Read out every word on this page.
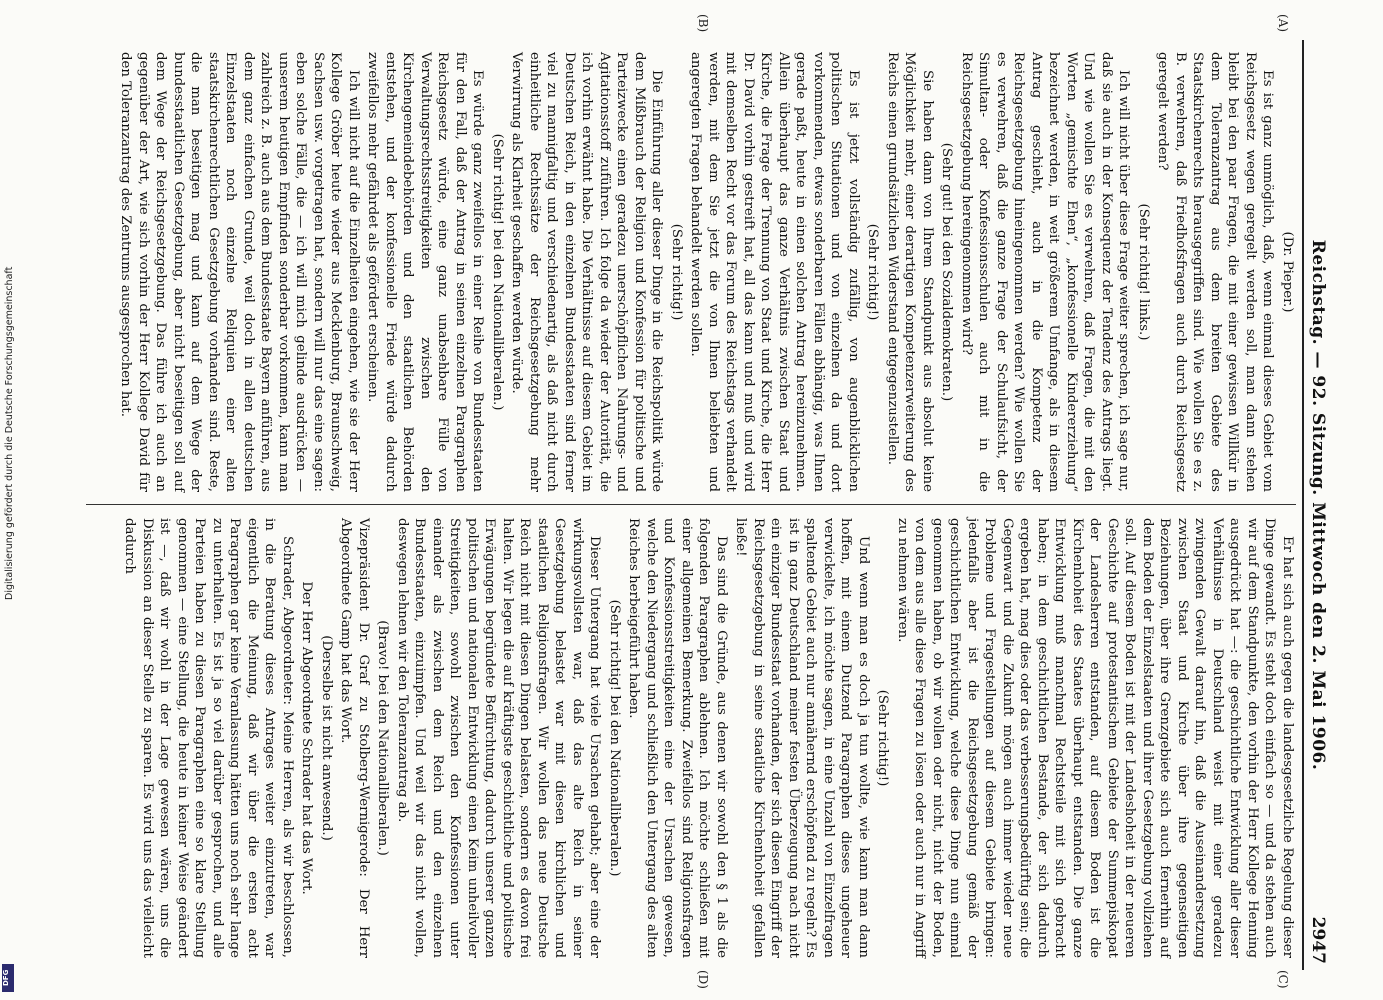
Digitalisierung gefördert durch die Deutsche Forschungsgemeinschaft
DFG
Reichstag. — 92. Sitzung. Mittwoch den 2. Mai 1906.
2947
(A)
(B)
(C)
(D)

(Dr. Pieper.)

Es ist ganz unmöglich, daß, wenn einmal dieses Gebiet vom Reichsgesetz wegen geregelt werden soll, man dann stehen bleibt bei den paar Fragen, die mit einer gewissen Willkür in dem Toleranzantrag aus dem breiten Gebiete des Staatskirchenrechts herausgegriffen sind. Wie wollen Sie es z. B. verwehren, daß Friedhofsfragen auch durch Reichsgesetz geregelt werden?

(Sehr richtig! links.)

Ich will nicht über diese Frage weiter sprechen, ich sage nur, daß sie auch in der Konsequenz der Tendenz des Antrags liegt. Und wie wollen Sie es verwehren, daß Fragen, die mit den Worten „gemischte Ehen“, „konfessionelle Kindererziehung“ bezeichnet werden, in weit größerem Umfange, als in diesem Antrag geschieht, auch in die Kompetenz der Reichsgesetzgebung hineingenommen werden? Wie wollen Sie es verwehren, daß die ganze Frage der Schulaufsicht, der Simultan- oder Konfessionsschulen auch mit in die Reichsgesetzgebung hereingenommen wird?

(Sehr gut! bei den Sozialdemokraten.)

Sie haben dann von Ihrem Standpunkt aus absolut keine Möglichkeit mehr, einer derartigen Kompetenzerweiterung des Reichs einen grundsätzlichen Widerstand entgegenzustellen.

(Sehr richtig!)

Es ist jetzt vollständig zufällig, von augenblicklichen politischen Situationen und von einzelnen da und dort vorkommenden, etwas sonderbaren Fällen abhängig, was Ihnen gerade paßt, heute in einen solchen Antrag hereinzunehmen. Allein überhaupt das ganze Verhältnis zwischen Staat und Kirche, die Frage der Trennung von Staat und Kirche, die Herr Dr. David vorhin gestreift hat, all das kann und muß und wird mit demselben Recht vor das Forum des Reichstags verhandelt werden, mit dem Sie jetzt die von Ihnen beliebten und angeregten Fragen behandelt werden sollen.

(Sehr richtig!)

Die Einführung aller dieser Dinge in die Reichspolitik würde dem Mißbrauch der Religion und Konfession für politische und Parteizwecke einen geradezu unerschöpflichen Nahrungs- und Agitationsstoff zuführen. Ich folge da wieder der Autorität, die ich vorhin erwähnt habe. Die Verhältnisse auf diesem Gebiet im Deutschen Reich, in den einzelnen Bundesstaaten sind ferner viel zu mannigfaltig und verschiedenartig, als daß nicht durch einheitliche Rechtssätze der Reichsgesetzgebung mehr Verwirrung als Klarheit geschaffen werden würde.

(Sehr richtig! bei den Nationalliberalen.)

Es würde ganz zweifellos in einer Reihe von Bundesstaaten für den Fall, daß der Antrag in seinen einzelnen Paragraphen Reichsgesetz würde, eine ganz unabsehbare Fülle von Verwaltungsrechtsstreitigkeiten zwischen den Kirchengemeindebehörden und den staatlichen Behörden entstehen, und der konfessionelle Friede würde dadurch zweifellos mehr gefährdet als gefördert erscheinen.

Ich will nicht auf die Einzelheiten eingehen, wie sie der Herr Kollege Gröber heute wieder aus Mecklenburg, Braunschweig, Sachsen usw. vorgetragen hat, sondern will nur das eine sagen: eben solche Fälle, die — ich will mich gelinde ausdrücken — unserem heutigen Empfinden sonderbar vorkommen, kann man zahlreich z. B. auch aus dem Bundesstaate Bayern anführen, aus dem ganz einfachen Grunde, weil doch in allen deutschen Einzelstaaten noch einzelne Reliquien einer alten staatskirchenrechtlichen Gesetzgebung vorhanden sind. Reste, die man beseitigen mag und kann auf dem Wege der bundesstaatlichen Gesetzgebung, aber nicht beseitigen soll auf dem Wege der Reichsgesetzgebung. Das führe ich auch an gegenüber der Art, wie sich vorhin der Herr Kollege David für den Toleranzantrag des Zentrums ausgesprochen hat.

Er hat sich auch gegen die landesgesetzliche Regelung dieser Dinge gewandt. Es steht doch einfach so — und da stehen auch wir auf dem Standpunkte, den vorhin der Herr Kollege Henning ausgedrückt hat —: die geschichtliche Entwicklung aller dieser Verhältnisse in Deutschland weist mit einer geradezu zwingenden Gewalt darauf hin, daß die Auseinandersetzung zwischen Staat und Kirche über ihre gegenseitigen Beziehungen, über ihre Grenzgebiete sich auch fernerhin auf dem Boden der Einzelstaaten und ihrer Gesetzgebung vollziehen soll. Auf diesem Boden ist mit der Landeshoheit in der neueren Geschichte auf protestantischem Gebiete der Summepiskopat der Landesherren entstanden, auf diesem Boden ist die Kirchenhoheit des Staates überhaupt entstanden. Die ganze Entwicklung muß manchmal Rechtsteile mit sich gebracht haben; in dem geschichtlichen Bestande, der sich dadurch ergeben hat, mag dies oder das verbesserungsbedürftig sein; die Gegenwart und die Zukunft mögen auch immer wieder neue Probleme und Fragestellungen auf diesem Gebiete bringen: jedenfalls aber ist die Reichsgesetzgebung gemäß der geschichtlichen Entwicklung, welche diese Dinge nun einmal genommen haben, ob wir wollen oder nicht, nicht der Boden, von dem aus alle diese Fragen zu lösen oder auch nur in Angriff zu nehmen wären.

(Sehr richtig!)

Und wenn man es doch ja tun wollte, wie kann man dann hoffen, mit einem Dutzend Paragraphen dieses ungeheuer verwickelte, ich möchte sagen, in eine Unzahl von Einzelfragen spaltende Gebiet auch nur annähernd erschöpfend zu regeln? Es ist in ganz Deutschland meiner festen Überzeugung nach nicht ein einziger Bundesstaat vorhanden, der sich diesen Eingriff der Reichsgesetzgebung in seine staatliche Kirchenhoheit gefallen ließe!

Das sind die Gründe, aus denen wir sowohl den § 1 als die folgenden Paragraphen ablehnen. Ich möchte schließen mit einer allgemeinen Bemerkung. Zweifellos sind Religionsfragen und Konfessionsstreitigkeiten eine der Ursachen gewesen, welche den Niedergang und schließlich den Untergang des alten Reiches herbeigeführt haben.

(Sehr richtig! bei den Nationalliberalen.)

Dieser Untergang hat viele Ursachen gehabt; aber eine der wirkungsvollsten war, daß das alte Reich in seiner Gesetzgebung belastet war mit diesen kirchlichen und staatlichen Religionsfragen. Wir wollen das neue Deutsche Reich nicht mit diesen Dingen belasten, sondern es davon frei halten. Wir legen die auf kräftigste geschichtliche und politische Erwägungen begründete Befürchtung, dadurch unserer ganzen politischen und nationalen Entwicklung einen Keim unheilvoller Streitigkeiten, sowohl zwischen den Konfessionen unter einander als zwischen dem Reich und den einzelnen Bundesstaaten, einzuimpfen. Und weil wir das nicht wollen, deswegen lehnen wir den Toleranzantrag ab.

(Bravo! bei den Nationalliberalen.)

Vizepräsident Dr. Graf zu Stolberg-Wernigerode: Der Herr Abgeordnete Gamp hat das Wort.

(Derselbe ist nicht anwesend.)

Der Herr Abgeordnete Schrader hat das Wort.

Schrader, Abgeordneter: Meine Herren, als wir beschlossen, in die Beratung dieses Antrages weiter einzutreten, war eigentlich die Meinung, daß wir über die ersten acht Paragraphen gar keine Veranlassung hätten uns noch sehr lange zu unterhalten. Es ist ja so viel darüber gesprochen, und alle Parteien haben zu diesen Paragraphen eine so klare Stellung genommen — eine Stellung, die heute in keiner Weise geändert ist —, daß wir wohl in der Lage gewesen wären, uns die Diskussion an dieser Stelle zu sparen. Es wird uns das vielleicht dadurch
